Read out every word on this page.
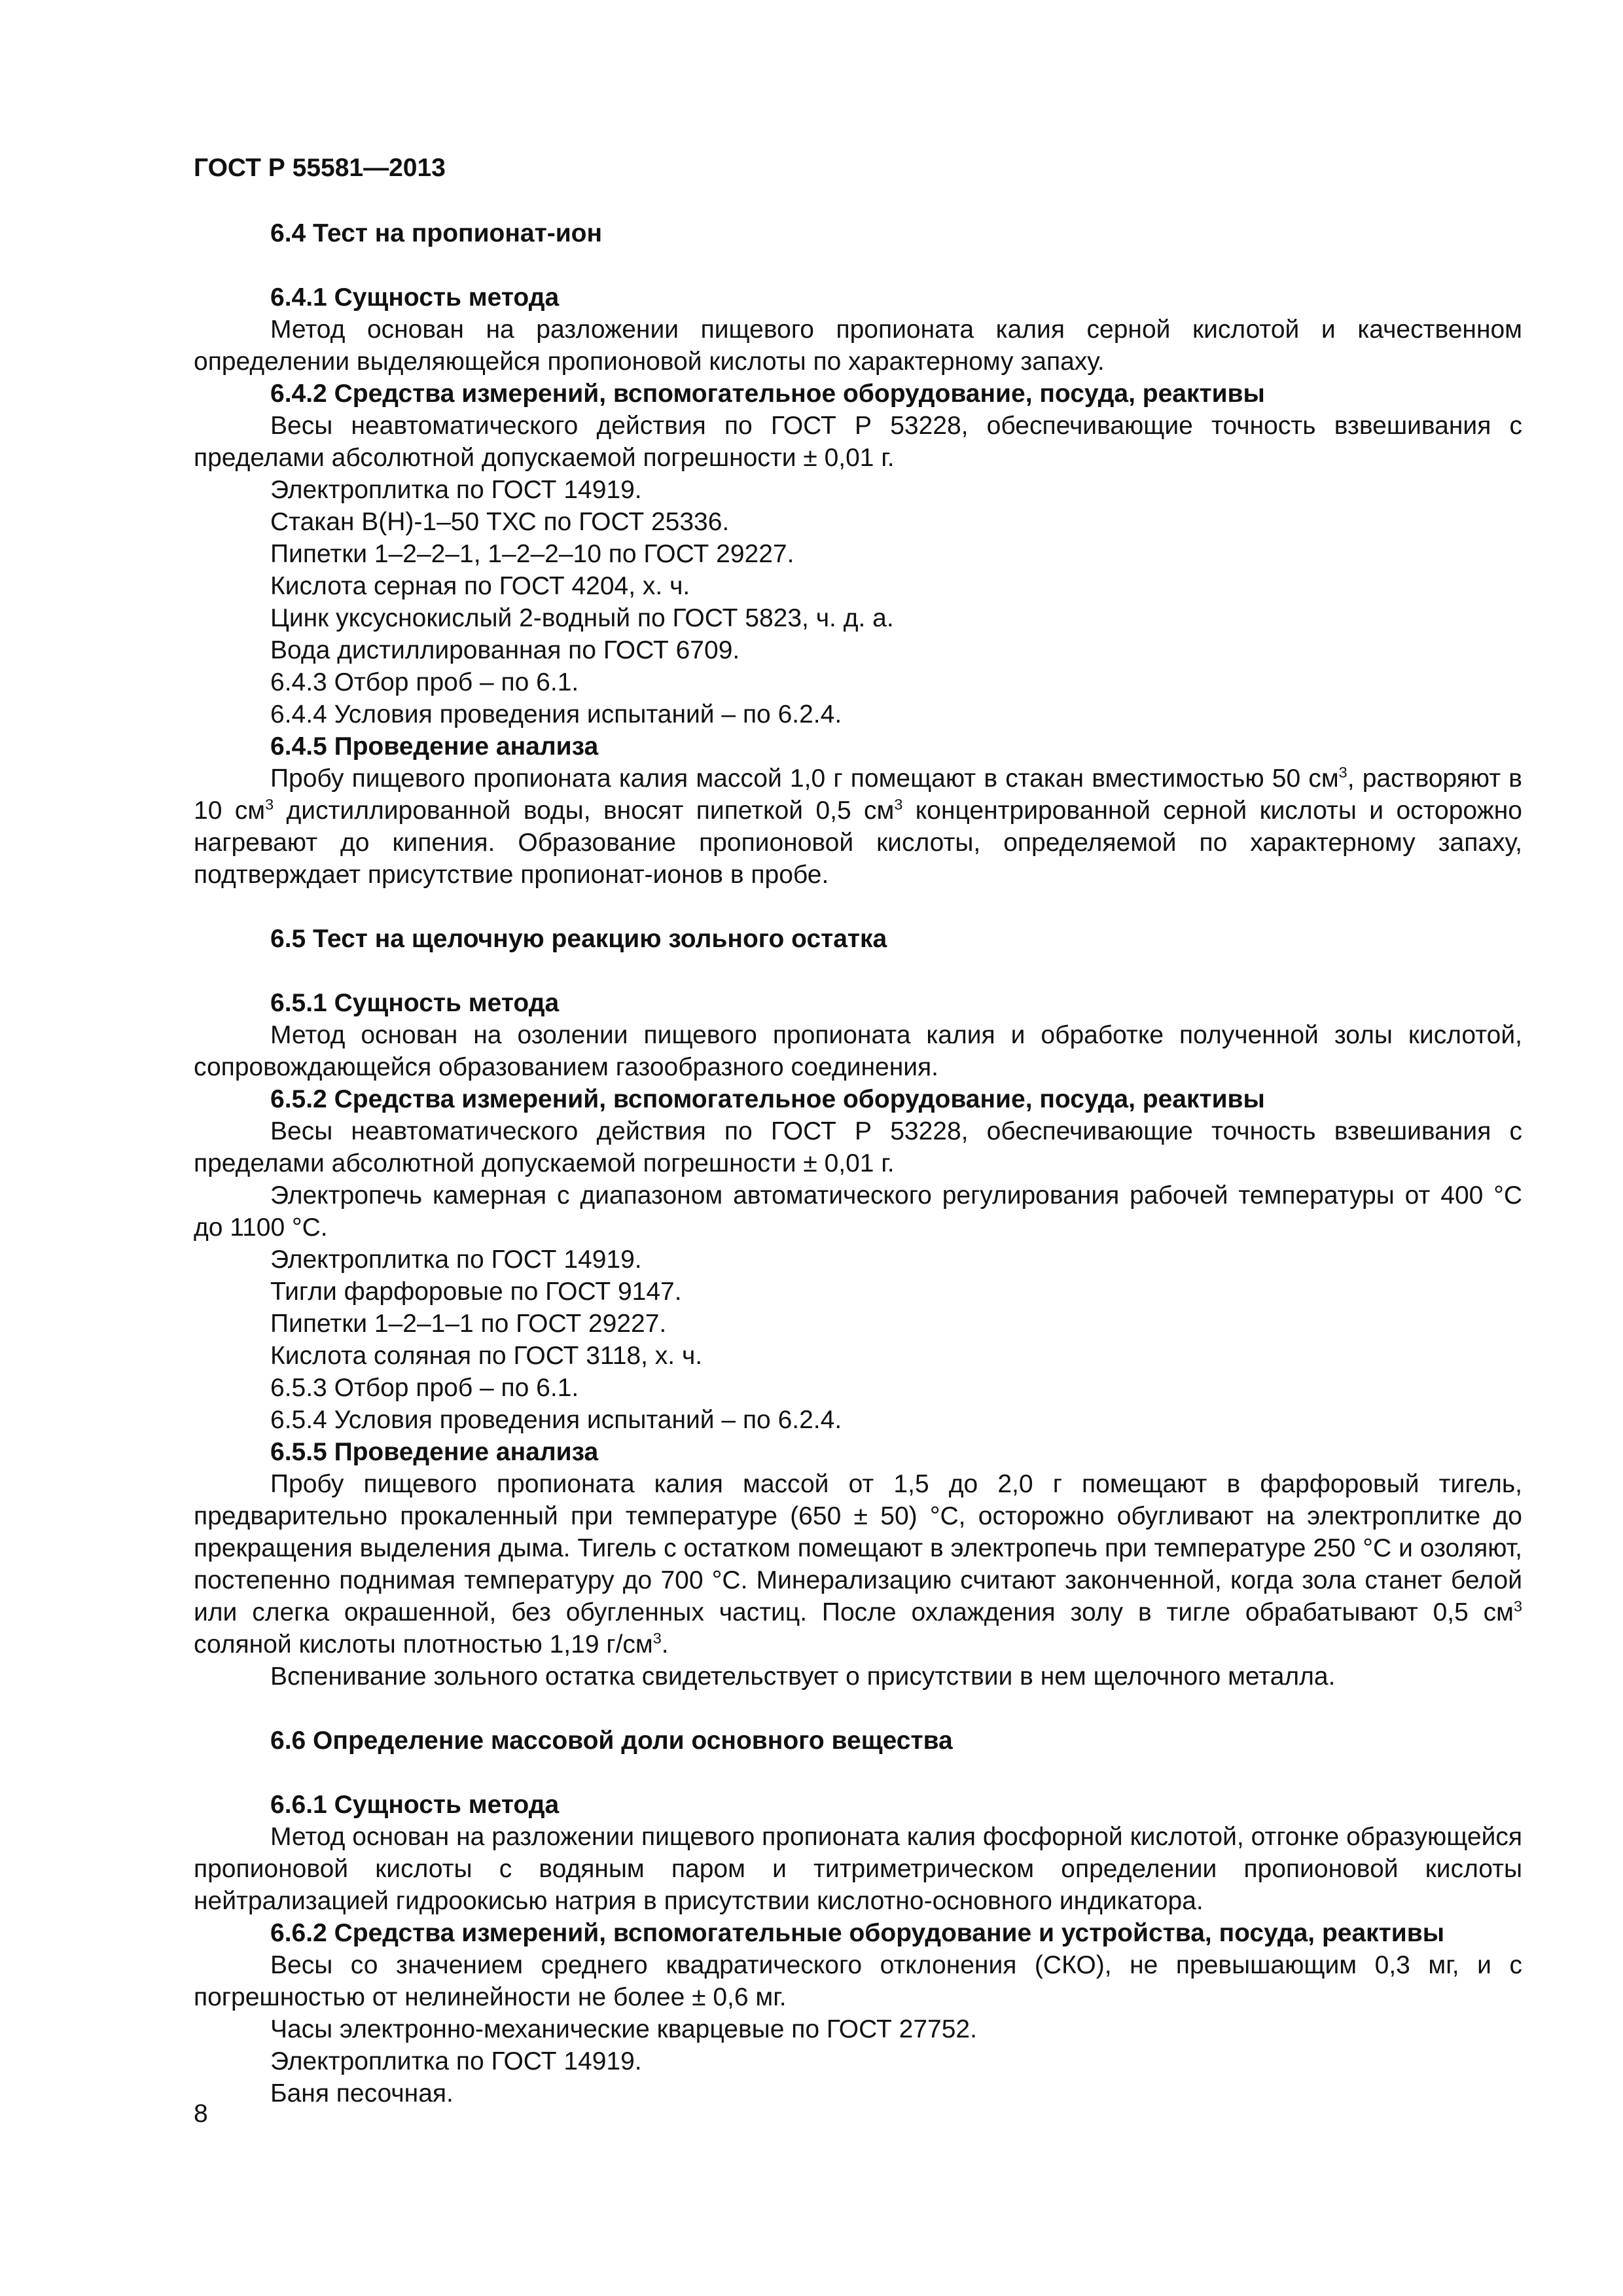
ГОСТ Р 55581—2013

6.4 Тест на пропионат-ион

6.4.1 Сущность метода

Метод основан на разложении пищевого пропионата калия серной кислотой и качественном определении выделяющейся пропионовой кислоты по характерному запаху.

6.4.2 Средства измерений, вспомогательное оборудование, посуда, реактивы

Весы неавтоматического действия по ГОСТ Р 53228, обеспечивающие точность взвешивания с пределами абсолютной допускаемой погрешности ± 0,01 г.

Электроплитка по ГОСТ 14919.

Стакан В(Н)-1–50 ТХС по ГОСТ 25336.

Пипетки 1–2–2–1, 1–2–2–10 по ГОСТ 29227.

Кислота серная по ГОСТ 4204, х. ч.

Цинк уксуснокислый 2-водный по ГОСТ 5823, ч. д. а.

Вода дистиллированная по ГОСТ 6709.

6.4.3 Отбор проб – по 6.1.

6.4.4 Условия проведения испытаний – по 6.2.4.

6.4.5 Проведение анализа

Пробу пищевого пропионата калия массой 1,0 г помещают в стакан вместимостью 50 $см^3$, растворяют в 10 $см^3$ дистиллированной воды, вносят пипеткой 0,5 $см^3$ концентрированной серной кислоты и осторожно нагревают до кипения. Образование пропионовой кислоты, определяемой по характерному запаху, подтверждает присутствие пропионат-ионов в пробе.

6.5 Тест на щелочную реакцию зольного остатка

6.5.1 Сущность метода

Метод основан на озолении пищевого пропионата калия и обработке полученной золы кислотой, сопровождающейся образованием газообразного соединения.

6.5.2 Средства измерений, вспомогательное оборудование, посуда, реактивы

Весы неавтоматического действия по ГОСТ Р 53228, обеспечивающие точность взвешивания с пределами абсолютной допускаемой погрешности ± 0,01 г.

Электропечь камерная с диапазоном автоматического регулирования рабочей температуры от 400 °С до 1100 °С.

Электроплитка по ГОСТ 14919.

Тигли фарфоровые по ГОСТ 9147.

Пипетки 1–2–1–1 по ГОСТ 29227.

Кислота соляная по ГОСТ 3118, х. ч.

6.5.3 Отбор проб – по 6.1.

6.5.4 Условия проведения испытаний – по 6.2.4.

6.5.5 Проведение анализа

Пробу пищевого пропионата калия массой от 1,5 до 2,0 г помещают в фарфоровый тигель, предварительно прокаленный при температуре (650 ± 50) °С, осторожно обугливают на электроплитке до прекращения выделения дыма. Тигель с остатком помещают в электропечь при температуре 250 °С и озоляют, постепенно поднимая температуру до 700 °С. Минерализацию считают законченной, когда зола станет белой или слегка окрашенной, без обугленных частиц. После охлаждения золу в тигле обрабатывают 0,5 $см^3$ соляной кислоты плотностью 1,19 $г/см^3$.

Вспенивание зольного остатка свидетельствует о присутствии в нем щелочного металла.

6.6 Определение массовой доли основного вещества

6.6.1 Сущность метода

Метод основан на разложении пищевого пропионата калия фосфорной кислотой, отгонке образующейся пропионовой кислоты с водяным паром и титриметрическом определении пропионовой кислоты нейтрализацией гидроокисью натрия в присутствии кислотно-основного индикатора.

6.6.2 Средства измерений, вспомогательные оборудование и устройства, посуда, реактивы

Весы со значением среднего квадратического отклонения (СКО), не превышающим 0,3 мг, и с погрешностью от нелинейности не более ± 0,6 мг.

Часы электронно-механические кварцевые по ГОСТ 27752.

Электроплитка по ГОСТ 14919.

Баня песочная.

8
